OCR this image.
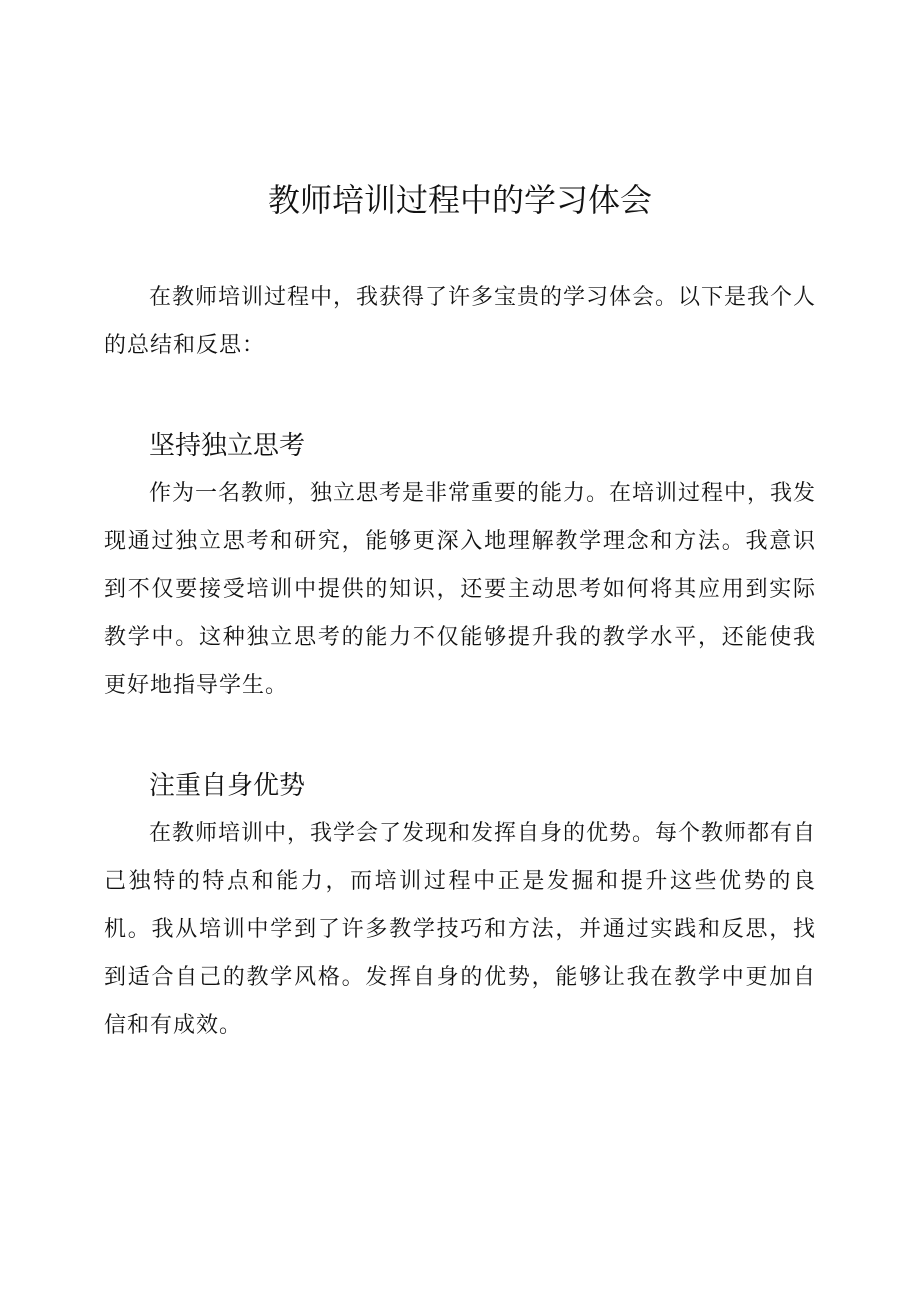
教师培训过程中的学习体会

在教师培训过程中，我获得了许多宝贵的学习体会。以下是我个人的总结和反思：

坚持独立思考

作为一名教师，独立思考是非常重要的能力。在培训过程中，我发现通过独立思考和研究，能够更深入地理解教学理念和方法。我意识到不仅要接受培训中提供的知识，还要主动思考如何将其应用到实际教学中。这种独立思考的能力不仅能够提升我的教学水平，还能使我更好地指导学生。

注重自身优势

在教师培训中，我学会了发现和发挥自身的优势。每个教师都有自己独特的特点和能力，而培训过程中正是发掘和提升这些优势的良机。我从培训中学到了许多教学技巧和方法，并通过实践和反思，找到适合自己的教学风格。发挥自身的优势，能够让我在教学中更加自信和有成效。
